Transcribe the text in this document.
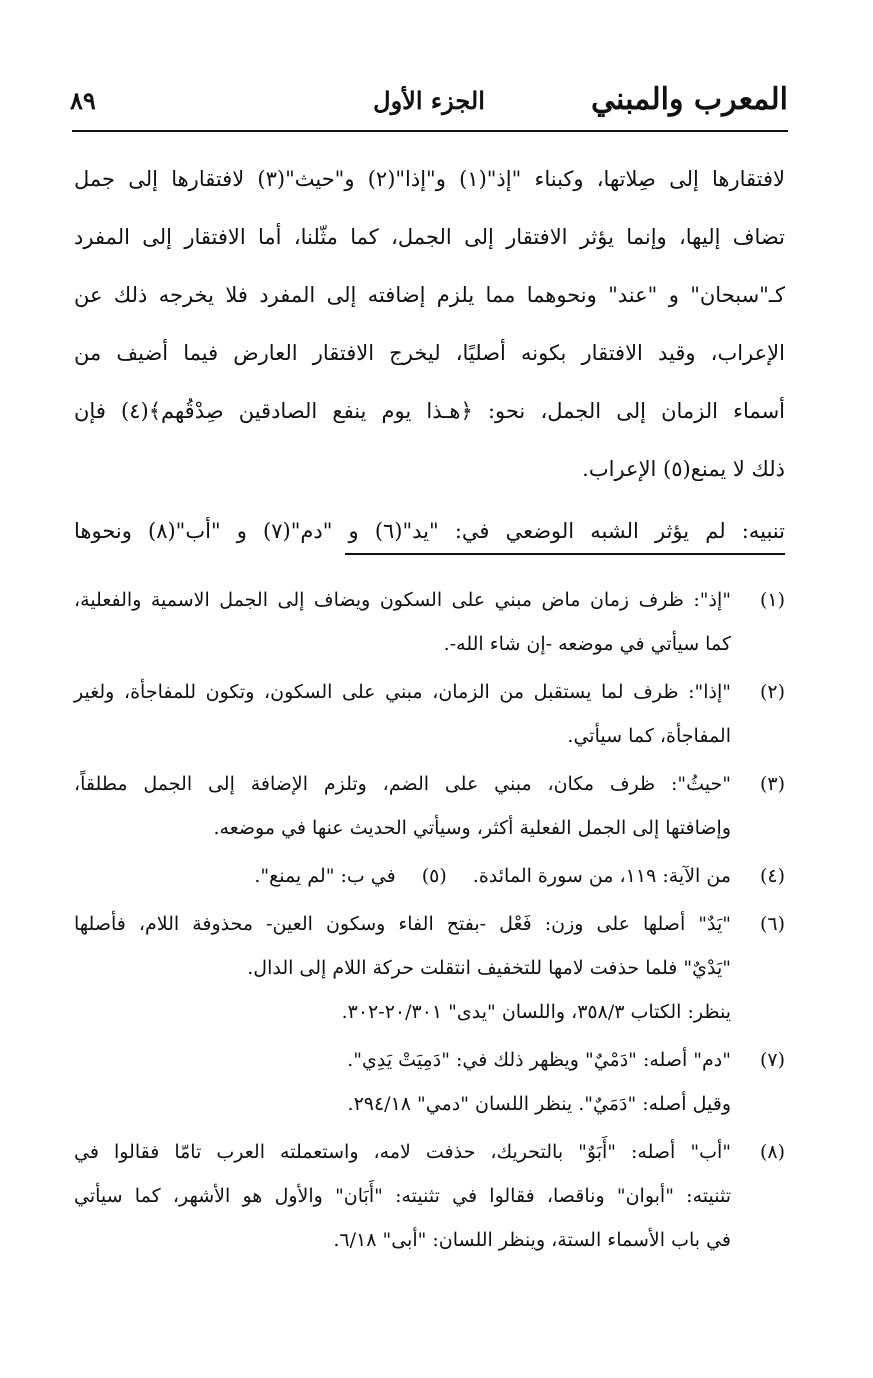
المعرب والمبني
الجزء الأول
٨٩

لافتقارها إلى صِلاتها، وكبناء "إذ"(١) و"إذا"(٢) و"حيث"(٣) لافتقارها إلى جمل

تضاف إليها، وإنما يؤثر الافتقار إلى الجمل، كما مثّلنا، أما الافتقار إلى المفرد

كـ"سبحان" و "عند" ونحوهما مما يلزم إضافته إلى المفرد فلا يخرجه ذلك عن

الإعراب، وقيد الافتقار بكونه أصليًا، ليخرج الافتقار العارض فيما أضيف من

أسماء الزمان إلى الجمل، نحو: ﴿هـذا يوم ينفع الصادقين صِدْقُهم﴾(٤) فإن

ذلك لا يمنع(٥) الإعراب.

تنبيه: لم يؤثر الشبه الوضعي في: "يد"(٦) و "دم"(٧) و "أب"(٨) ونحوها

(١)

"إذ": ظرف زمان ماض مبني على السكون ويضاف إلى الجمل الاسمية والفعلية،

كما سيأتي في موضعه -إن شاء الله-.

(٢)

"إذا": ظرف لما يستقبل من الزمان، مبني على السكون، وتكون للمفاجأة، ولغير

المفاجأة، كما سيأتي.

(٣)

"حيثُ": ظرف مكان، مبني على الضم، وتلزم الإضافة إلى الجمل مطلقاً،

وإضافتها إلى الجمل الفعلية أكثر، وسيأتي الحديث عنها في موضعه.

(٤)
من الآية: ١١٩، من سورة المائدة.
(٥)
في ب: "لم يمنع".
(٦)

"يَدٌ" أصلها على وزن: فَعْل -بفتح الفاء وسكون العين- محذوفة اللام، فأصلها

"يَدْيٌ" فلما حذفت لامها للتخفيف انتقلت حركة اللام إلى الدال.

ينظر: الكتاب ٣٥٨/٣، واللسان "يدى" ٢٠/٣٠١-٣٠٢.

(٧)

"دم" أصله: "دَمْيٌ" ويظهر ذلك في: "دَمِيَتْ يَدِي".

وقيل أصله: "دَمَيٌ". ينظر اللسان "دمي" ٢٩٤/١٨.

(٨)

"أب" أصله: "أَبَوٌ" بالتحريك، حذفت لامه، واستعملته العرب تامّا فقالوا في

تثنيته: "أبوان" وناقصا، فقالوا في تثنيته: "أَبَان" والأول هو الأشهر، كما سيأتي

في باب الأسماء الستة، وينظر اللسان: "أبى" ٦/١٨.
